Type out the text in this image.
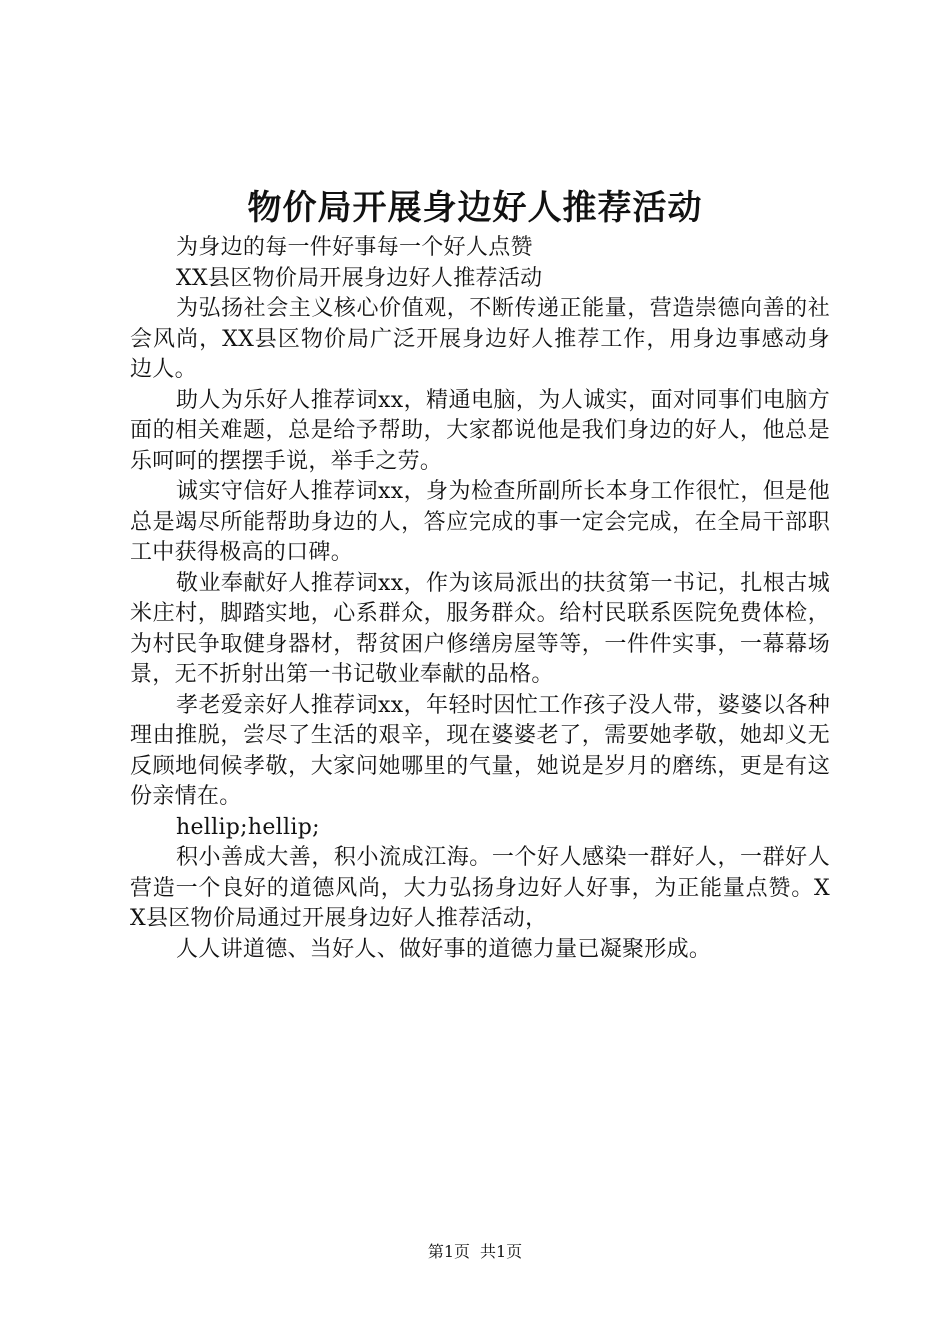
物价局开展身边好人推荐活动

为身边的每一件好事每一个好人点赞

XX县区物价局开展身边好人推荐活动

为弘扬社会主义核心价值观，不断传递正能量，营造崇德向善的社会风尚，XX县区物价局广泛开展身边好人推荐工作，用身边事感动身边人。

助人为乐好人推荐词xx，精通电脑，为人诚实，面对同事们电脑方面的相关难题，总是给予帮助，大家都说他是我们身边的好人，他总是乐呵呵的摆摆手说，举手之劳。

诚实守信好人推荐词xx，身为检查所副所长本身工作很忙，但是他总是竭尽所能帮助身边的人，答应完成的事一定会完成，在全局干部职工中获得极高的口碑。

敬业奉献好人推荐词xx，作为该局派出的扶贫第一书记，扎根古城米庄村，脚踏实地，心系群众，服务群众。给村民联系医院免费体检，为村民争取健身器材，帮贫困户修缮房屋等等，一件件实事，一幕幕场景，无不折射出第一书记敬业奉献的品格。

孝老爱亲好人推荐词xx，年轻时因忙工作孩子没人带，婆婆以各种理由推脱，尝尽了生活的艰辛，现在婆婆老了，需要她孝敬，她却义无反顾地伺候孝敬，大家问她哪里的气量，她说是岁月的磨练，更是有这份亲情在。

hellip;hellip;

积小善成大善，积小流成江海。一个好人感染一群好人，一群好人营造一个良好的道德风尚，大力弘扬身边好人好事，为正能量点赞。XX县区物价局通过开展身边好人推荐活动，

人人讲道德、当好人、做好事的道德力量已凝聚形成。

第1页 共1页
